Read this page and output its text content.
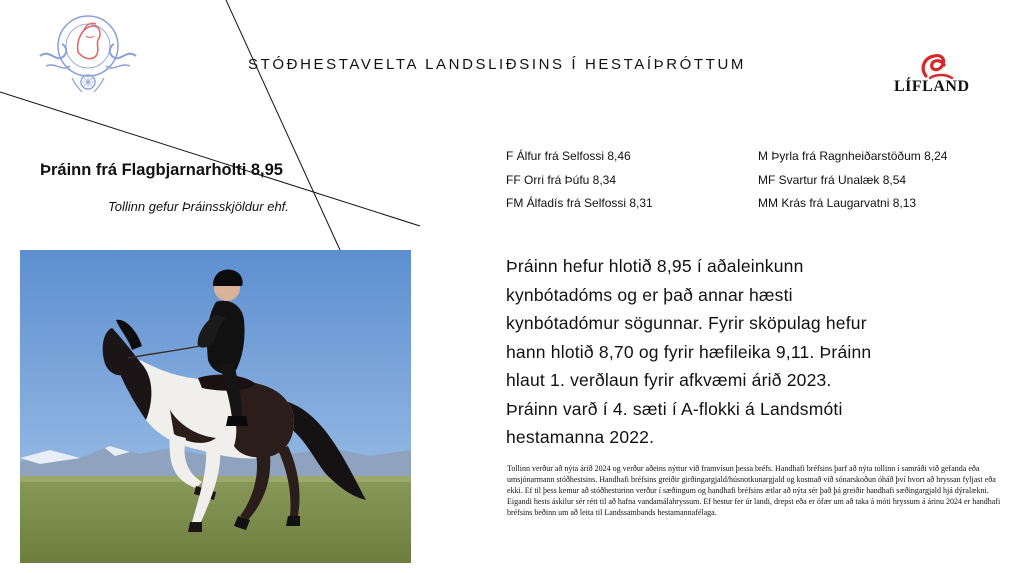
STÓÐHESTAVELTA LANDSLIÐSINS Í HESTAÍÞRÓTTUM
LÍFLAND
Þráinn frá Flagbjarnarholti 8,95
Tollinn gefur Þráinsskjöldur ehf.
F Álfur frá Selfossi 8,46
FF Orri frá Þúfu 8,34
FM Álfadís frá Selfossi 8,31
M Þyrla frá Ragnheiðarstöðum 8,24
MF Svartur frá Unalæk 8,54
MM Krás frá Laugarvatni 8,13
Þráinn hefur hlotið 8,95 í aðaleinkunn
kynbótadóms og er það annar hæsti
kynbótadómur sögunnar. Fyrir sköpulag hefur
hann hlotið 8,70 og fyrir hæfileika 9,11. Þráinn
hlaut 1. verðlaun fyrir afkvæmi árið 2023.
Þráinn varð í 4. sæti í A-flokki á Landsmóti
hestamanna 2022.
Tollinn verður að nýta árið 2024 og verður aðeins nýttur við framvísun þessa bréfs. Handhafi bréfsins þarf að nýta tollinn í samráði við gefanda eða umsjónarmann stóðhestsins. Handhafi bréfsins greiðir girðingargjald/húsnotkunargjald og kostnað við sónarskoðun óháð því hvort að hryssan fyljast eða ekki. Ef til þess kemur að stóðhesturinn verður í sæðingum og handhafi bréfsins ætlar að nýta sér það þá greiðir handhafi sæðingargjald hjá dýralækni. Eigandi hests áskilur sér rétt til að hafna vandamálahryssum. Ef hestur fer úr landi, drepst eða er ófær um að taka á móti hryssum á árinu 2024 er handhafi bréfsins beðinn um að leita til Landssambands hestamannafélaga.
